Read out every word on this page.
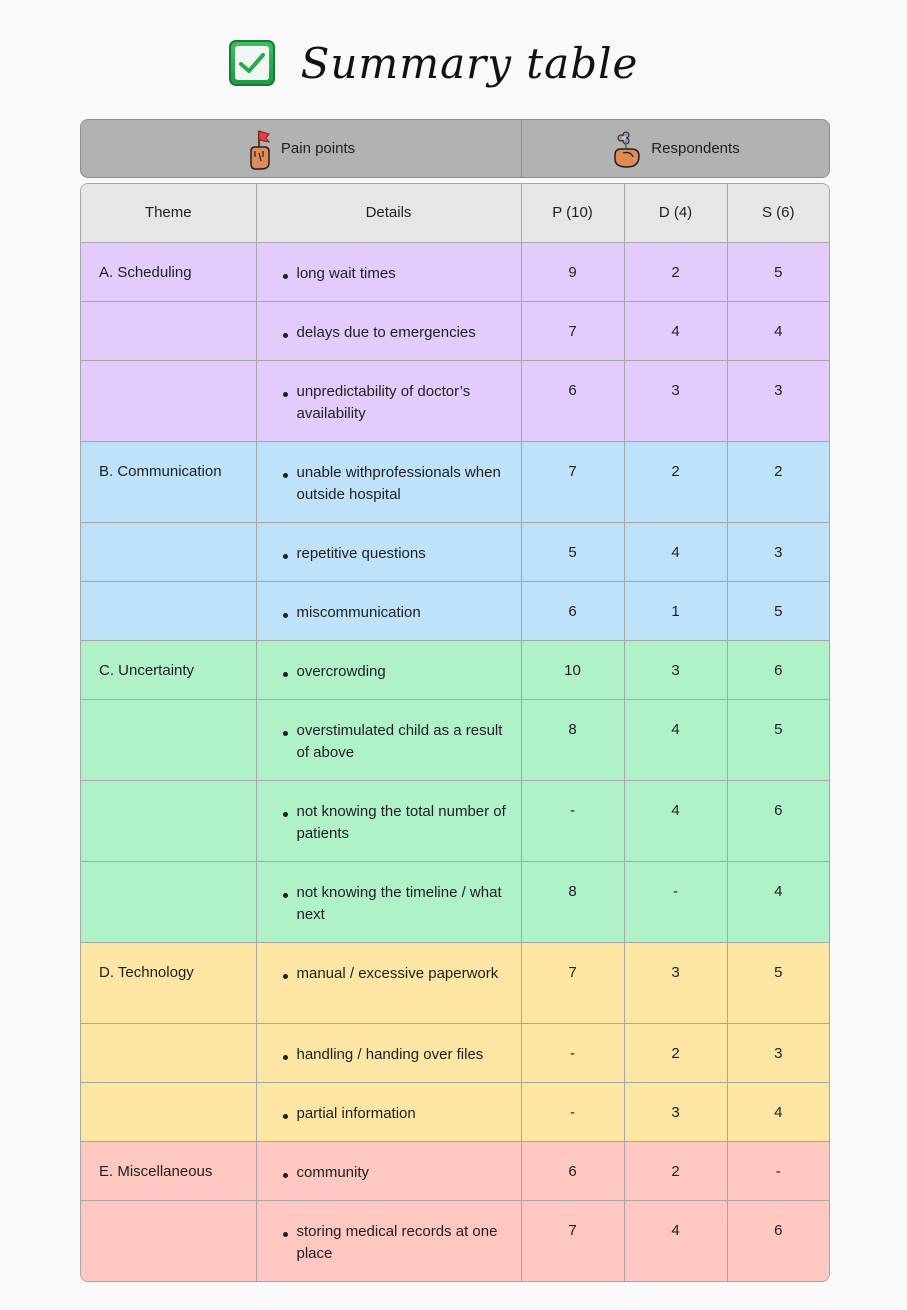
Summary table
Pain points	Respondents
Theme	Details	P (10)	D (4)	S (6)
A. Scheduling	long wait times	9	2	5

	delays due to emergencies	7	4	4

	unpredictability of doctor’s availability	6	3	3
B. Communication	unable withprofessionals when outside hospital	7	2	2

	repetitive questions	5	4	3

	miscommunication	6	1	5
C. Uncertainty	overcrowding	10	3	6

	overstimulated child as a result of above	8	4	5

	not knowing the total number of patients	-	4	6

	not knowing the timeline / what next	8	-	4
D. Technology	manual / excessive paperwork	7	3	5

	handling / handing over files	-	2	3

	partial information	-	3	4
E. Miscellaneous	community	6	2	-

	storing medical records at one place	7	4	6
